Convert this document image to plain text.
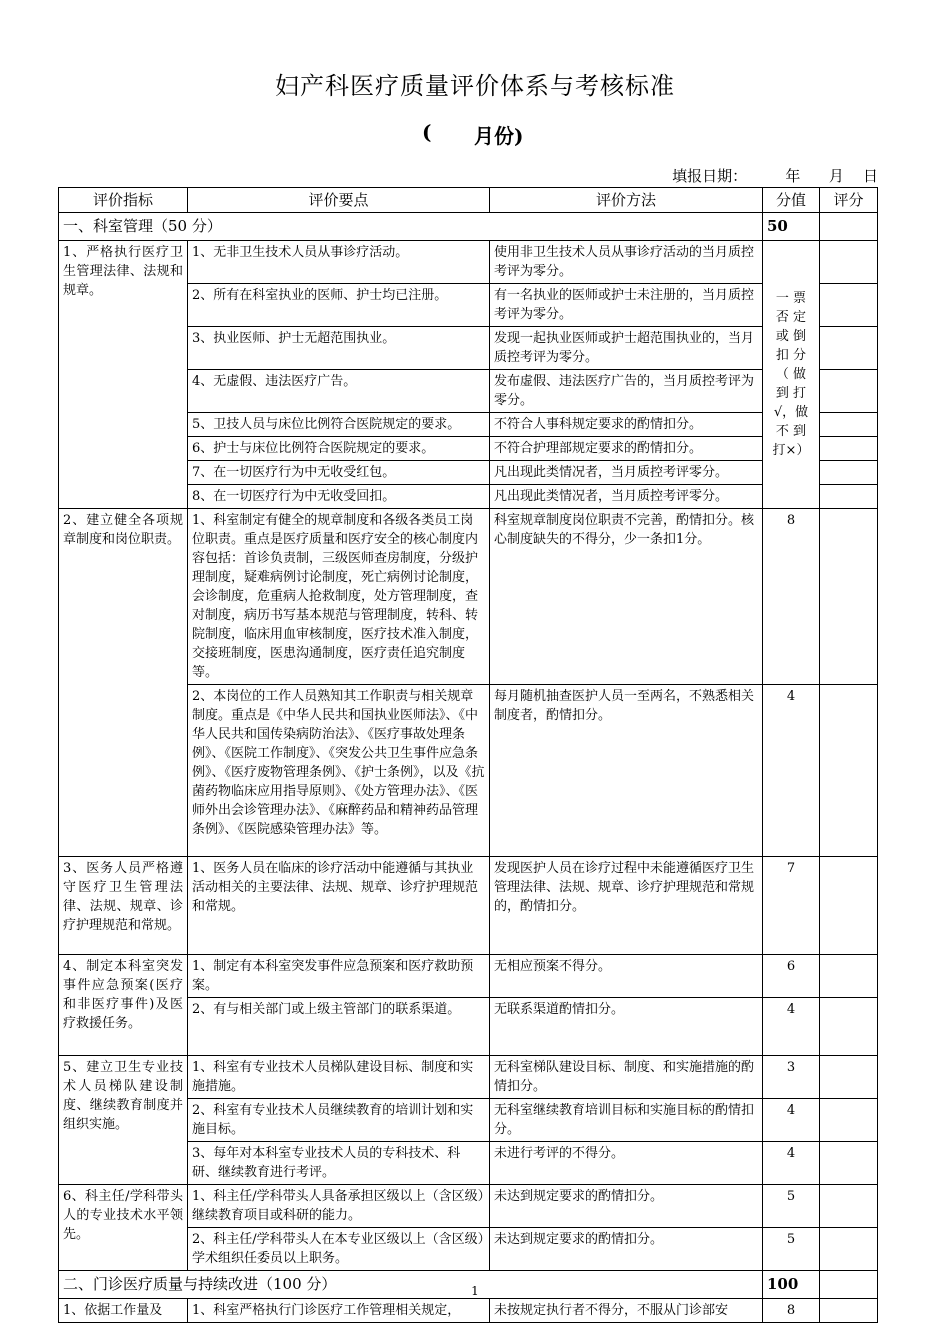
妇产科医疗质量评价体系与考核标准
( 月份)
填报日期：        年      月    日
评价指标	评价要点	评价方法	分值	评分
一、科室管理（50 分）			50	
1、严格执行医疗卫生管理法律、法规和规章。	1、无非卫生技术人员从事诊疗活动。	使用非卫生技术人员从事诊疗活动的当月质控考评为零分。	一 票 否 定 或 倒 扣 分 （ 做 到 打 √，做 不 到 打×）	
	2、所有在科室执业的医师、护士均已注册。	有一名执业的医师或护士未注册的，当月质控考评为零分。		
	3、执业医师、护士无超范围执业。	发现一起执业医师或护士超范围执业的，当月质控考评为零分。		
	4、无虚假、违法医疗广告。	发布虚假、违法医疗广告的，当月质控考评为零分。		
	5、卫技人员与床位比例符合医院规定的要求。	不符合人事科规定要求的酌情扣分。		
	6、护士与床位比例符合医院规定的要求。	不符合护理部规定要求的酌情扣分。		
	7、在一切医疗行为中无收受红包。	凡出现此类情况者，当月质控考评零分。		
	8、在一切医疗行为中无收受回扣。	凡出现此类情况者，当月质控考评零分。		
2、建立健全各项规章制度和岗位职责。	1、科室制定有健全的规章制度和各级各类员工岗位职责。重点是医疗质量和医疗安全的核心制度内容包括：首诊负责制，三级医师查房制度，分级护理制度，疑难病例讨论制度，死亡病例讨论制度，会诊制度，危重病人抢救制度，处方管理制度，查对制度，病历书写基本规范与管理制度，转科、转院制度，临床用血审核制度，医疗技术准入制度，交接班制度，医患沟通制度，医疗责任追究制度等。	科室规章制度岗位职责不完善，酌情扣分。核心制度缺失的不得分，少一条扣1分。	8	
	2、本岗位的工作人员熟知其工作职责与相关规章制度。重点是《中华人民共和国执业医师法》、《中华人民共和国传染病防治法》、《医疗事故处理条例》、《医院工作制度》、《突发公共卫生事件应急条例》、《医疗废物管理条例》、《护士条例》，以及《抗菌药物临床应用指导原则》、《处方管理办法》、《医师外出会诊管理办法》、《麻醉药品和精神药品管理条例》、《医院感染管理办法》等。	每月随机抽查医护人员一至两名，不熟悉相关制度者，酌情扣分。	4	
3、医务人员严格遵守医疗卫生管理法律、法规、规章、诊疗护理规范和常规。	1、医务人员在临床的诊疗活动中能遵循与其执业活动相关的主要法律、法规、规章、诊疗护理规范和常规。	发现医护人员在诊疗过程中未能遵循医疗卫生管理法律、法规、规章、诊疗护理规范和常规的，酌情扣分。	7	
4、制定本科室突发事件应急预案(医疗和非医疗事件)及医疗救援任务。	1、制定有本科室突发事件应急预案和医疗救助预案。	无相应预案不得分。	6	
	2、有与相关部门或上级主管部门的联系渠道。	无联系渠道酌情扣分。	4	
5、建立卫生专业技术人员梯队建设制度、继续教育制度并组织实施。	1、科室有专业技术人员梯队建设目标、制度和实施措施。	无科室梯队建设目标、制度、和实施措施的酌情扣分。	3	
	2、科室有专业技术人员继续教育的培训计划和实施目标。	无科室继续教育培训目标和实施目标的酌情扣分。	4	
	3、每年对本科室专业技术人员的专科技术、科研、继续教育进行考评。	未进行考评的不得分。	4	
6、科主任/学科带头人的专业技术水平领先。	1、科主任/学科带头人具备承担区级以上（含区级）继续教育项目或科研的能力。	未达到规定要求的酌情扣分。	5	
	2、科主任/学科带头人在本专业区级以上（含区级）学术组织任委员以上职务。	未达到规定要求的酌情扣分。	5	
二、门诊医疗质量与持续改进（100 分）			100	
1、依据工作量及	1、科室严格执行门诊医疗工作管理相关规定，	未按规定执行者不得分，不服从门诊部安	8	
1
